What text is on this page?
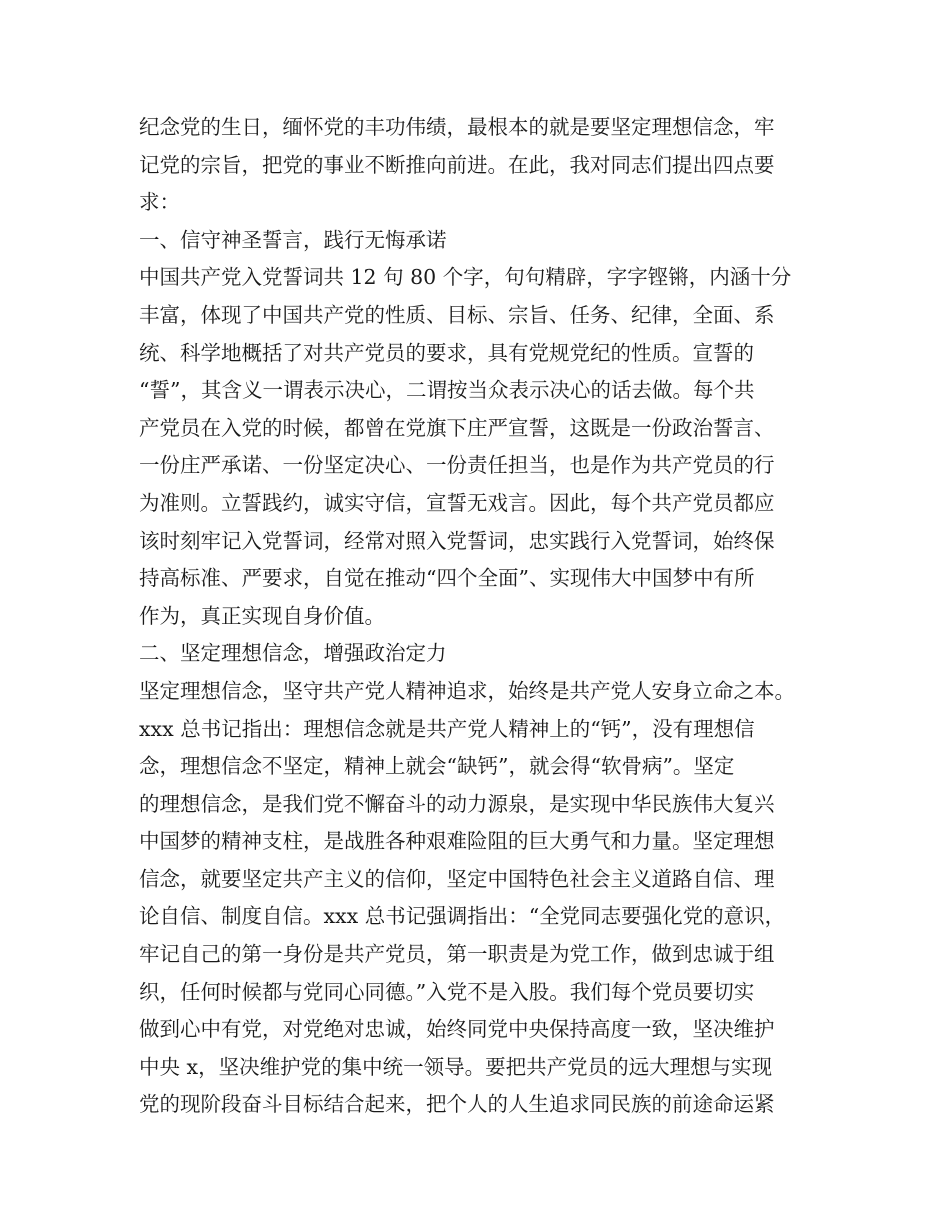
纪念党的生日，缅怀党的丰功伟绩，最根本的就是要坚定理想信念，牢
记党的宗旨，把党的事业不断推向前进。在此，我对同志们提出四点要
求：
一、信守神圣誓言，践行无悔承诺
中国共产党入党誓词共 12 句 80 个字，句句精辟，字字铿锵，内涵十分
丰富，体现了中国共产党的性质、目标、宗旨、任务、纪律，全面、系
统、科学地概括了对共产党员的要求，具有党规党纪的性质。宣誓的
“誓”，其含义一谓表示决心，二谓按当众表示决心的话去做。每个共
产党员在入党的时候，都曾在党旗下庄严宣誓，这既是一份政治誓言、
一份庄严承诺、一份坚定决心、一份责任担当，也是作为共产党员的行
为准则。立誓践约，诚实守信，宣誓无戏言。因此，每个共产党员都应
该时刻牢记入党誓词，经常对照入党誓词，忠实践行入党誓词，始终保
持高标准、严要求，自觉在推动“四个全面”、实现伟大中国梦中有所
作为，真正实现自身价值。
二、坚定理想信念，增强政治定力
坚定理想信念，坚守共产党人精神追求，始终是共产党人安身立命之本。
xxx 总书记指出：理想信念就是共产党人精神上的“钙”，没有理想信
念，理想信念不坚定，精神上就会“缺钙”，就会得“软骨病”。坚定
的理想信念，是我们党不懈奋斗的动力源泉，是实现中华民族伟大复兴
中国梦的精神支柱，是战胜各种艰难险阻的巨大勇气和力量。坚定理想
信念，就要坚定共产主义的信仰，坚定中国特色社会主义道路自信、理
论自信、制度自信。xxx 总书记强调指出：“全党同志要强化党的意识，
牢记自己的第一身份是共产党员，第一职责是为党工作，做到忠诚于组
织，任何时候都与党同心同德。”入党不是入股。我们每个党员要切实
做到心中有党，对党绝对忠诚，始终同党中央保持高度一致，坚决维护
中央 x，坚决维护党的集中统一领导。要把共产党员的远大理想与实现
党的现阶段奋斗目标结合起来，把个人的人生追求同民族的前途命运紧
